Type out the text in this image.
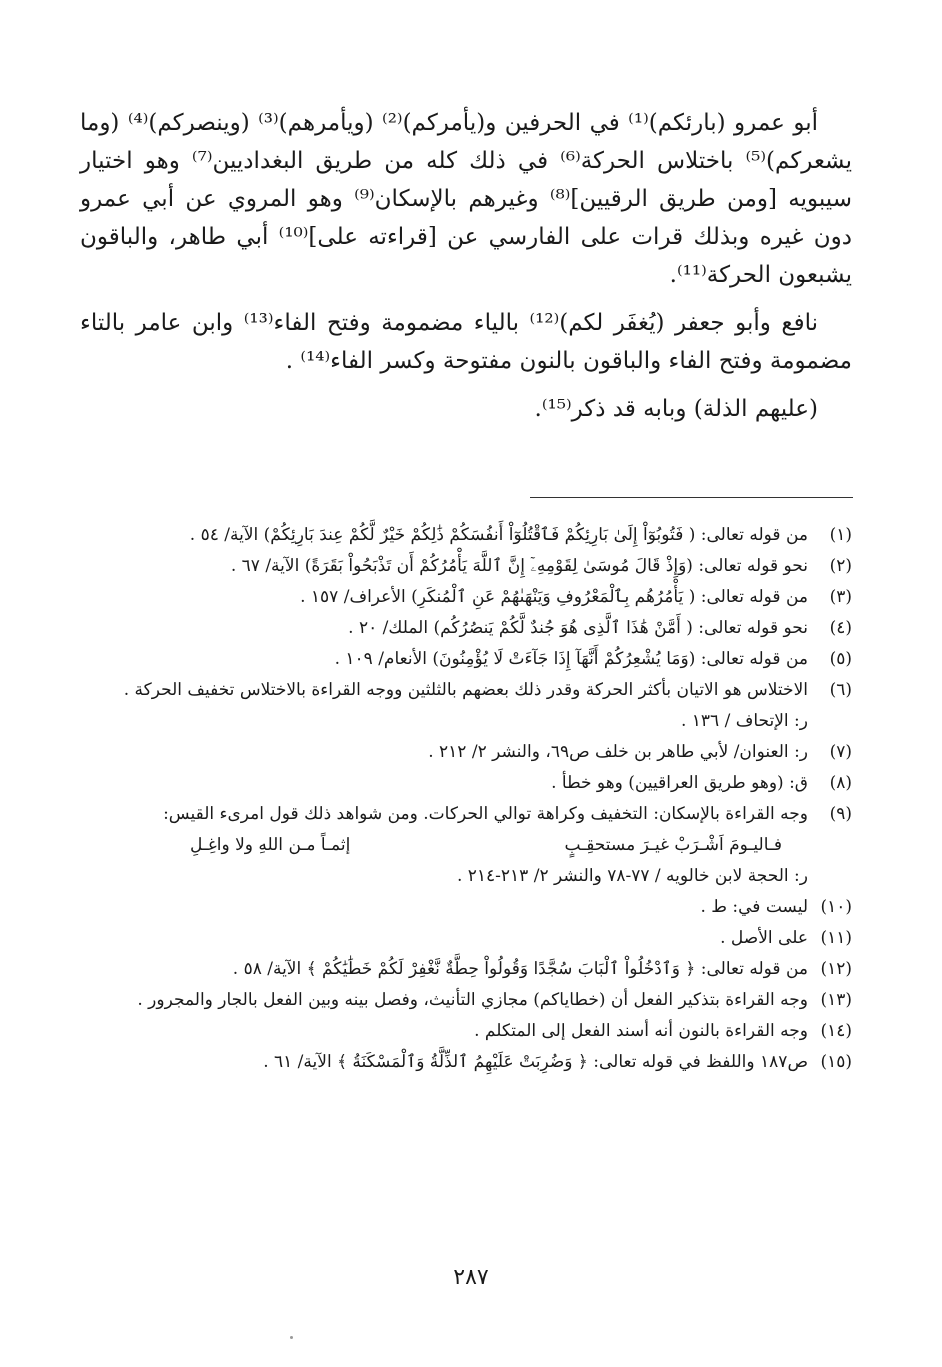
أبو عمرو (بارئكم)⁽¹⁾ في الحرفين و(يأمركم)⁽²⁾ (ويأمرهم)⁽³⁾ (وينصركم)⁽⁴⁾ (وما يشعركم)⁽⁵⁾ باختلاس الحركة⁽⁶⁾ في ذلك كله من طريق البغداديين⁽⁷⁾ وهو اختيار سيبويه [ومن طريق الرقيين]⁽⁸⁾ وغيرهم بالإسكان⁽⁹⁾ وهو المروي عن أبي عمرو دون غيره وبذلك قرات على الفارسي عن [قراءته على]⁽¹⁰⁾ أبي طاهر، والباقون يشبعون الحركة⁽¹¹⁾.

نافع وأبو جعفر (يُغفَر لكم)⁽¹²⁾ بالياء مضمومة وفتح الفاء⁽¹³⁾ وابن عامر بالتاء مضمومة وفتح الفاء والباقون بالنون مفتوحة وكسر الفاء⁽¹⁴⁾ .

(عليهم الذلة) وبابه قد ذكر⁽¹⁵⁾.

(١)
من قوله تعالى: ( فَتُوبُوٓاْ إِلَىٰ بَارِئِكُمْ فَٱقْتُلُوٓاْ أَنفُسَكُمْ ذَٰلِكُمْ خَيْرٌ لَّكُمْ عِندَ بَارِئِكُمْ) الآية/ ٥٤ .
(٢)
نحو قوله تعالى: (وَإِذْ قَالَ مُوسَىٰ لِقَوْمِهِۦٓ إِنَّ ٱللَّهَ يَأْمُرُكُمْ أَن تَذْبَحُواْ بَقَرَةً) الآية/ ٦٧ .
(٣)
من قوله تعالى: ( يَأْمُرُهُم بِٱلْمَعْرُوفِ وَيَنْهَىٰهُمْ عَنِ ٱلْمُنكَرِ) الأعراف/ ١٥٧ .
(٤)
نحو قوله تعالى: ( أَمَّنْ هَٰذَا ٱلَّذِى هُوَ جُندٌ لَّكُمْ يَنصُرُكُم) الملك/ ٢٠ .
(٥)
من قوله تعالى: (وَمَا يُشْعِرُكُمْ أَنَّهَآ إِذَا جَآءَتْ لَا يُؤْمِنُونَ) الأنعام/ ١٠٩ .
(٦)
الاختلاس هو الاتيان بأكثر الحركة وقدر ذلك بعضهم بالثلثين ووجه القراءة بالاختلاس تخفيف الحركة .
ر: الإتحاف / ١٣٦ .
(٧)
ر: العنوان/ لأبي طاهر بن خلف ص٦٩، والنشر ٢/ ٢١٢ .
(٨)
ق: (وهو طريق العراقيين) وهو خطأ .
(٩)
وجه القراءة بالإسكان: التخفيف وكراهة توالي الحركات. ومن شواهد ذلك قول امرىء القيس:
فـاليـومَ اَشْـرَبْ غيـرَ مستحقِـبٍ
إثمـاً مـن اللهِ ولا واغِـلِ
ر: الحجة لابن خالويه / ٧٧-٧٨ والنشر ٢/ ٢١٣-٢١٤ .
(١٠)
ليست في: ط .
(١١)
على الأصل .
(١٢)
من قوله تعالى: ﴿ وَٱدْخُلُواْ ٱلْبَابَ سُجَّدًا وَقُولُواْ حِطَّةٌ نَّغْفِرْ لَكُمْ خَطَٰيَٰكُمْ ﴾ الآية/ ٥٨ .
(١٣)
وجه القراءة بتذكير الفعل أن (خطاياكم) مجازي التأنيث، وفصل بينه وبين الفعل بالجار والمجرور .
(١٤)
وجه القراءة بالنون أنه أسند الفعل إلى المتكلم .
(١٥)
ص١٨٧ واللفظ في قوله تعالى: ﴿ وَضُرِبَتْ عَلَيْهِمُ ٱلذِّلَّةُ وَٱلْمَسْكَنَةُ ﴾ الآية/ ٦١ .
٢٨٧
